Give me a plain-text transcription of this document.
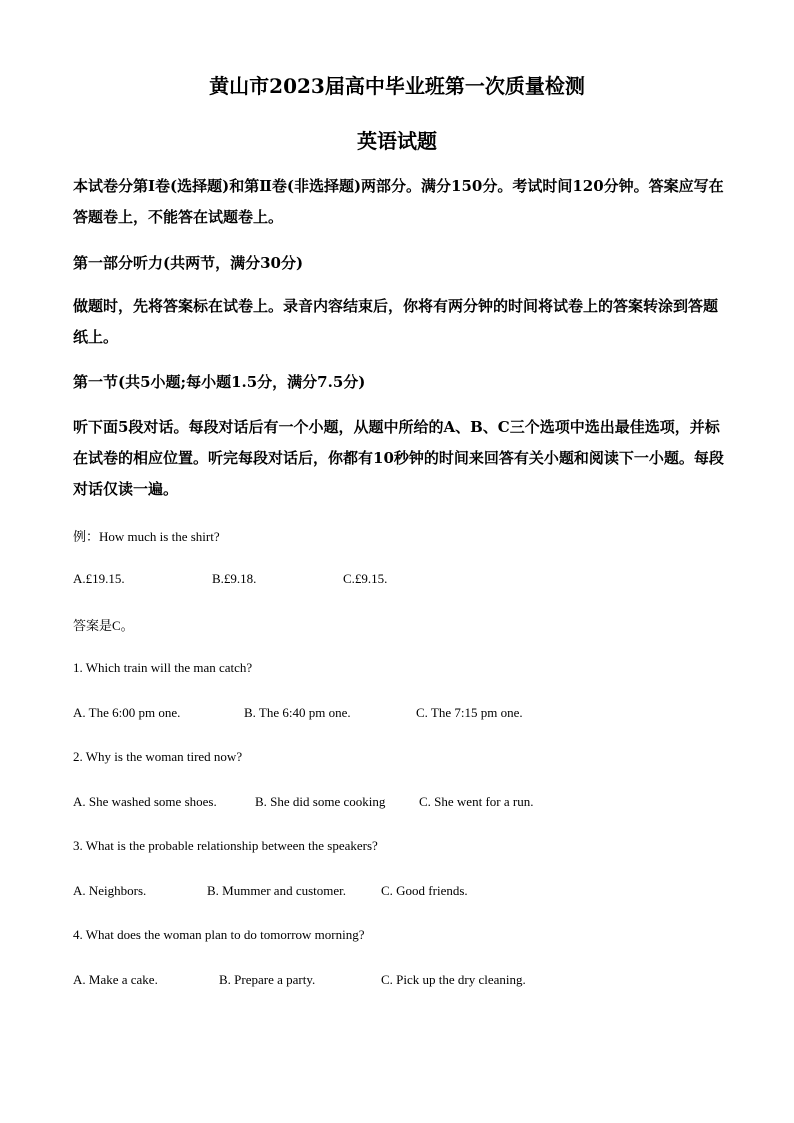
黄山市2023届高中毕业班第一次质量检测
英语试题

本试卷分第Ⅰ卷(选择题)和第Ⅱ卷(非选择题)两部分。满分150分。考试时间120分钟。答案应写在答题卷上，不能答在试题卷上。

第一部分听力(共两节，满分30分)

做题时，先将答案标在试卷上。录音内容结束后，你将有两分钟的时间将试卷上的答案转涂到答题纸上。

第一节(共5小题;每小题1.5分，满分7.5分)

听下面5段对话。每段对话后有一个小题，从题中所给的A、B、C三个选项中选出最佳选项，并标在试卷的相应位置。听完每段对话后，你都有10秒钟的时间来回答有关小题和阅读下一小题。每段对话仅读一遍。

例：How much is the shirt?

A.£19.15.	B.£9.18.	C.£9.15.

答案是C。

1. Which train will the man catch?

A. The 6:00 pm one.	B. The 6:40 pm one.	C. The 7:15 pm one.

2. Why is the woman tired now?

A. She washed some shoes.	B. She did some cooking	C. She went for a run.

3. What is the probable relationship between the speakers?

A. Neighbors.	B. Mummer and customer.	C. Good friends.

4. What does the woman plan to do tomorrow morning?

A. Make a cake.	B. Prepare a party.	C. Pick up the dry cleaning.
